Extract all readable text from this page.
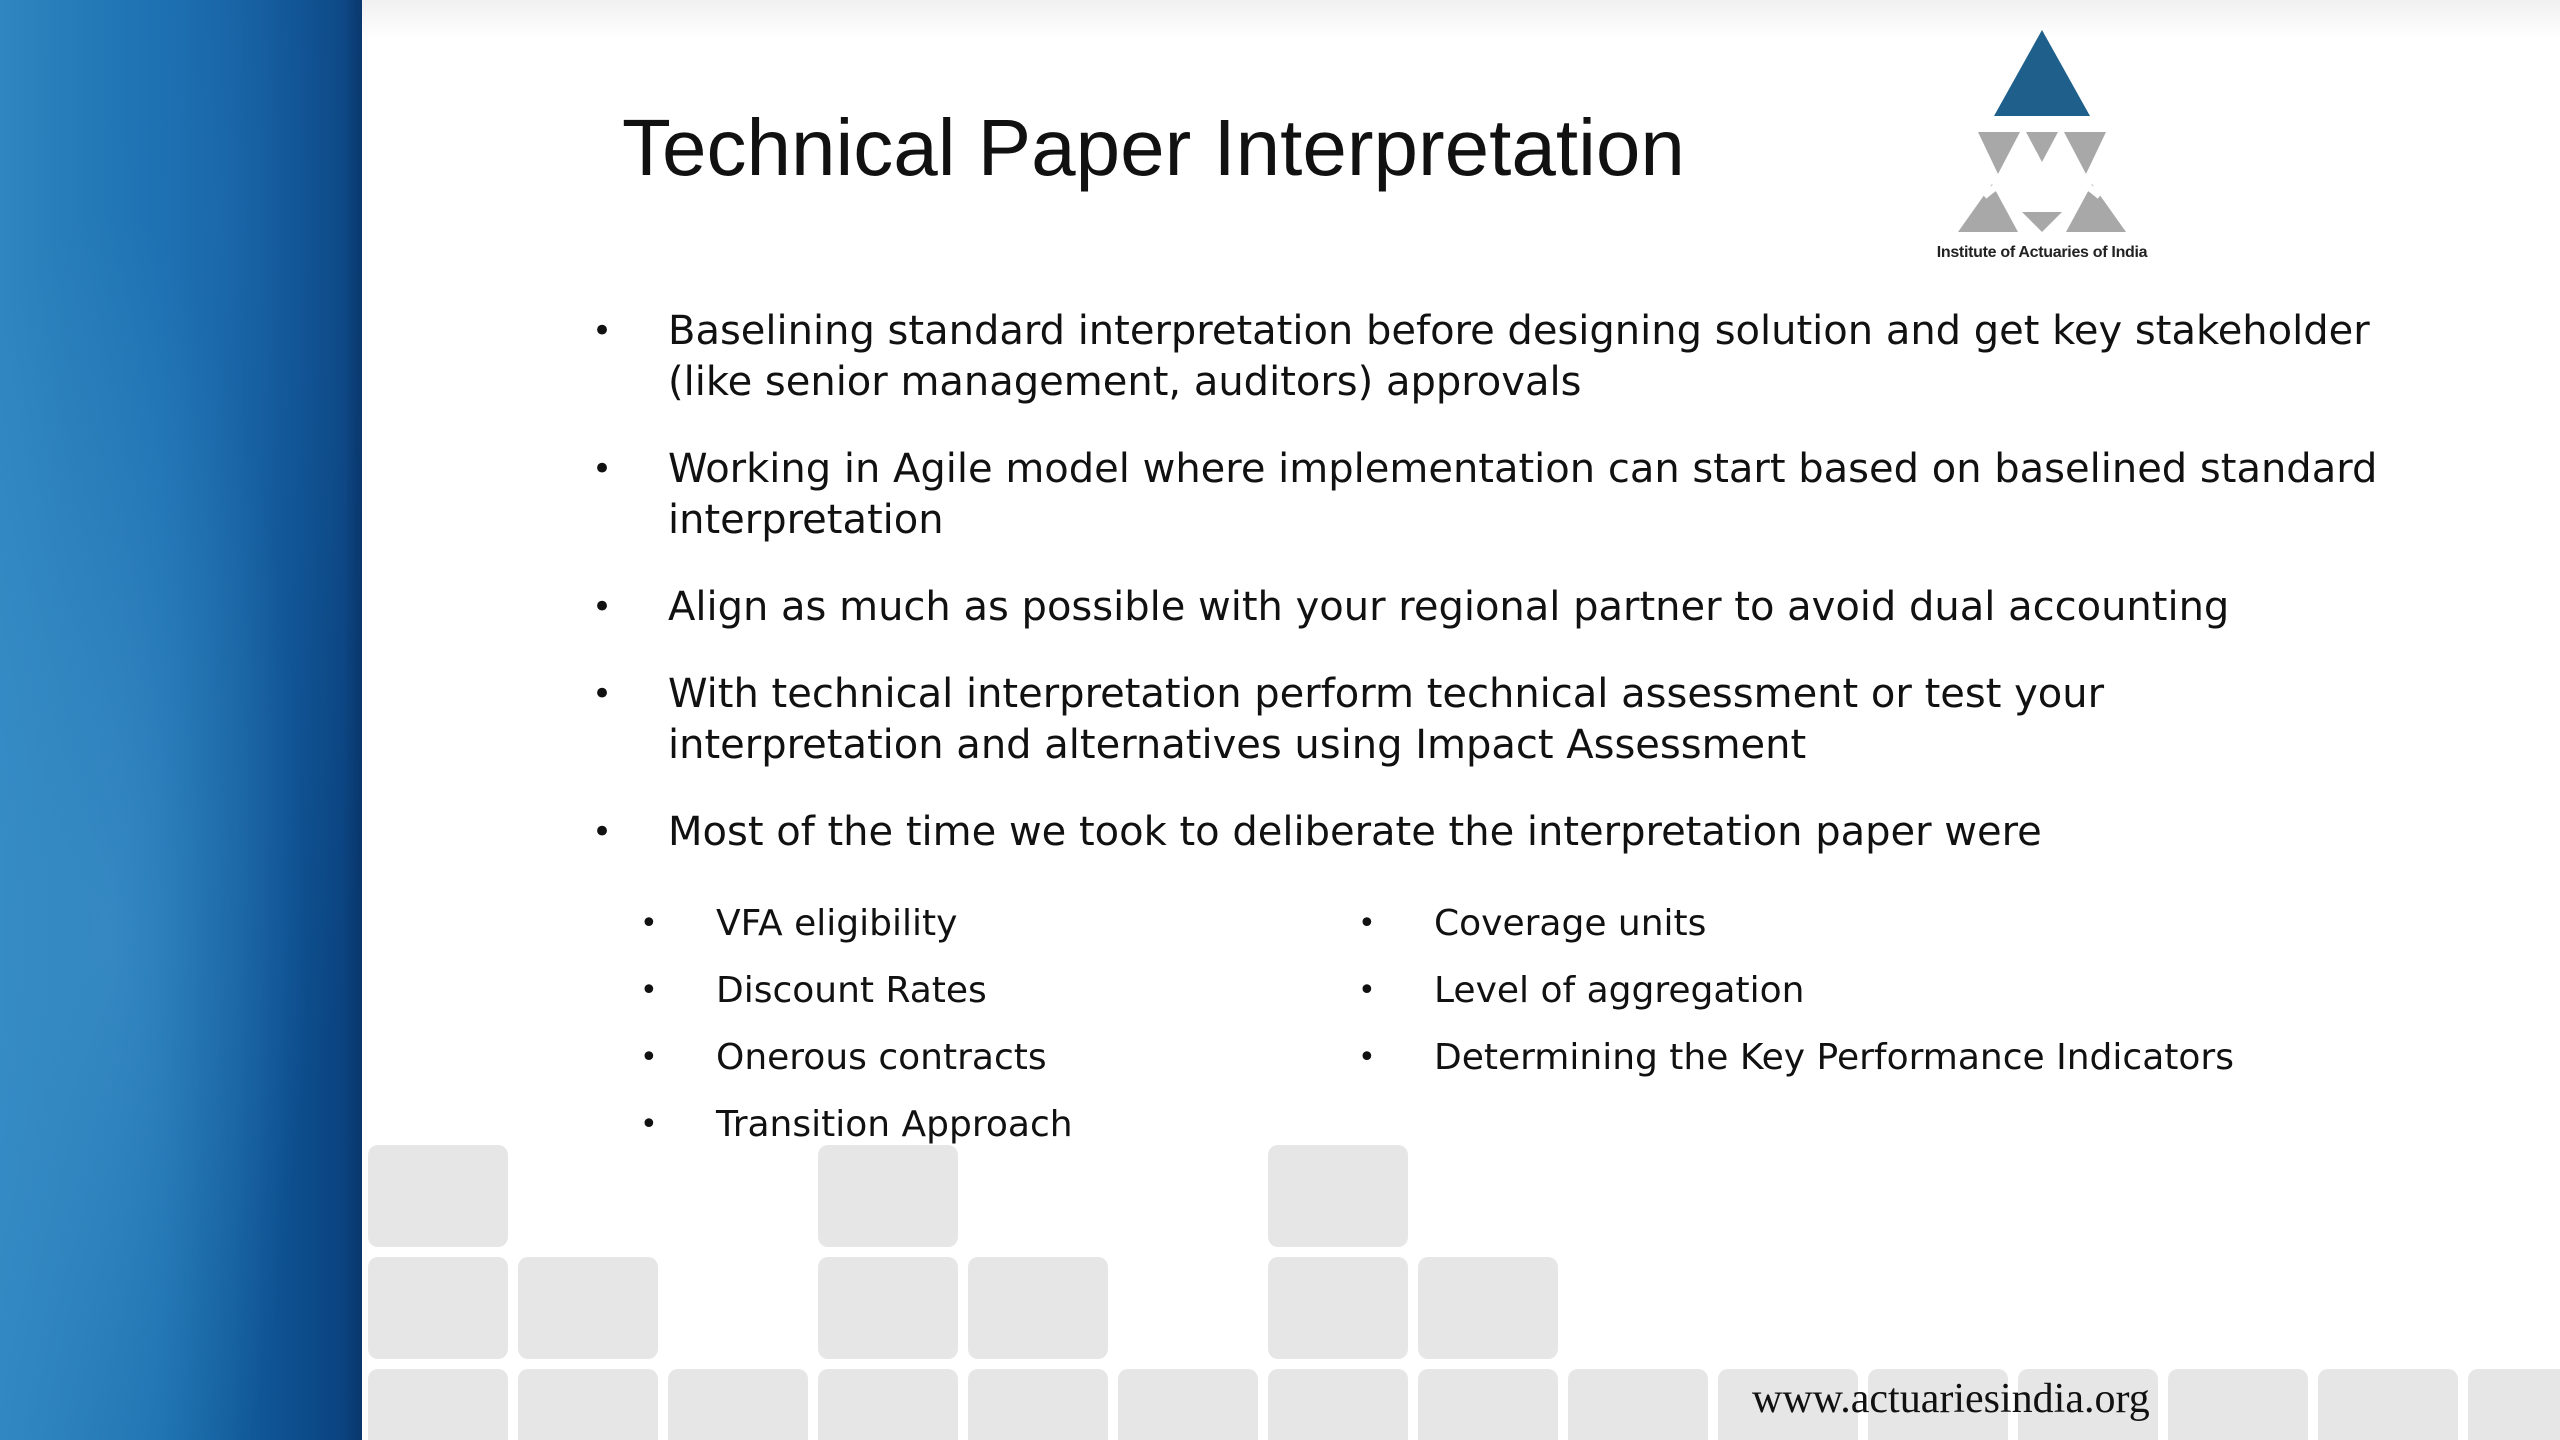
Technical Paper Interpretation
Institute of Actuaries of India
• Baselining standard interpretation before designing solution and get key stakeholder (like senior management, auditors) approvals
• Working in Agile model where implementation can start based on baselined standard interpretation
• Align as much as possible with your regional partner to avoid dual accounting
• With technical interpretation perform technical assessment or test your interpretation and alternatives using Impact Assessment
• Most of the time we took to deliberate the interpretation paper were
• VFA eligibility
• Discount Rates
• Onerous contracts
• Transition Approach
• Coverage units
• Level of aggregation
• Determining the Key Performance Indicators
www.actuariesindia.org
